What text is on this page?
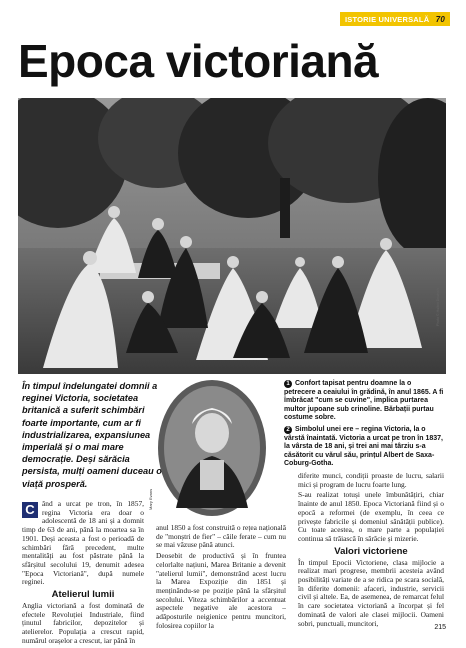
ISTORIE UNIVERSALĂ 70
Epoca victoriană
Photo © Hulton Deutsch
În timpul îndelungatei domnii a reginei Victoria, societatea britanică a suferit schimbări foarte importante, cum ar fi industrializarea, expansiunea imperială și o mai mare democrație. Deși sărăcia persista, mulți oameni duceau o viață prosperă.
Mary Evans
1 Confort tapisat pentru doamne la o petrecere a ceaiului în grădină, în anul 1865. A fi îmbrăcat "cum se cuvine", implica purtarea multor jupoane sub crinoline. Bărbații purtau costume sobre.
2 Simbolul unei ere – regina Victoria, la o vârstă înaintată. Victoria a urcat pe tron în 1837, la vârsta de 18 ani, și trei ani mai târziu s-a căsătorit cu vărul său, prințul Albert de Saxa-Coburg-Gotha.

C ând a urcat pe tron, în 1857, regina Victoria era doar o adolescentă de 18 ani și a domnit timp de 63 de ani, până la moartea sa în 1901. Deși aceasta a fost o perioadă de schimbări fără precedent, multe mentalități au fost păstrate până la sfârșitul secolului 19, denumit adesea "Epoca Victoriană", după numele reginei.

Atelierul lumii

Anglia victoriană a fost dominată de efectele Revoluției Industriale, fiind ținutul fabricilor, depozitelor și atelierelor. Populația a crescut rapid, numărul orașelor a crescut, iar până în

anul 1850 a fost construită o rețea națională de "monștri de fier" – căile ferate – cum nu se mai văzuse până atunci.

Deosebit de productivă și în fruntea celorlalte națiuni, Marea Britanie a devenit "atelierul lumii", demonstrând acest lucru la Marea Expoziție din 1851 și menținându-se pe poziție până la sfârșitul secolului. Viteza schimbărilor a accentuat aspectele negative ale acestora – adăposturile neigienice pentru muncitori, folosirea copiilor la

diferite munci, condiții proaste de lucru, salarii mici și program de lucru foarte lung.

S-au realizat totuși unele îmbunătățiri, chiar înainte de anul 1850. Epoca Victoriană fiind și o epocă a reformei (de exemplu, în ceea ce privește fabricile și domeniul sănătății publice). Cu toate acestea, o mare parte a populației continua să trăiască în sărăcie și mizerie.

Valori victoriene

În timpul Epocii Victoriene, clasa mijlocie a realizat mari progrese, membrii acesteia având posibilități variate de a se ridica pe scara socială, în diferite domenii: afaceri, industrie, servicii civil și altele. Ea, de asemenea, de remarcat felul în care societatea victoriană a încorpat și fel dominată de valori ale clasei mijlocii. Oameni sobri, punctuali, muncitori,	215
